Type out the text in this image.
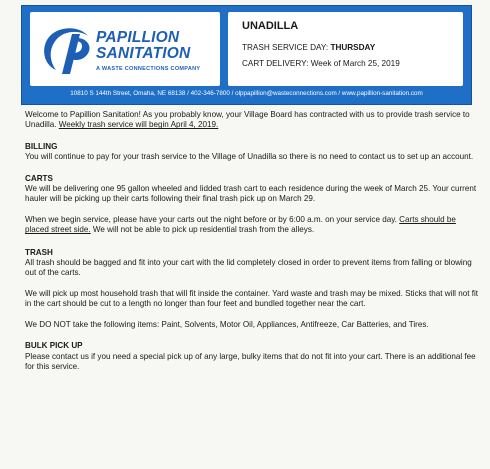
PAPILLION
SANITATION
A WASTE CONNECTIONS COMPANY
UNADILLA
TRASH SERVICE DAY: THURSDAY
CART DELIVERY: Week of March 25, 2019
10810 S 144th Street, Omaha, NE 68138 / 402-346-7800 / olppapillion@wasteconnections.com / www.papillion-sanitation.com

Welcome to Papillion Sanitation! As you probably know, your Village Board has contracted with us to provide trash service to Unadilla. Weekly trash service will begin April 4, 2019.

BILLING

You will continue to pay for your trash service to the Village of Unadilla so there is no need to contact us to set up an account.

CARTS

We will be delivering one 95 gallon wheeled and lidded trash cart to each residence during the week of March 25. Your current hauler will be picking up their carts following their final trash pick up on March 29.

When we begin service, please have your carts out the night before or by 6:00 a.m. on your service day. Carts should be placed street side. We will not be able to pick up residential trash from the alleys.

TRASH

All trash should be bagged and fit into your cart with the lid completely closed in order to prevent items from falling or blowing out of the carts.

We will pick up most household trash that will fit inside the container. Yard waste and trash may be mixed. Sticks that will not fit in the cart should be cut to a length no longer than four feet and bundled together near the cart.

We DO NOT take the following items: Paint, Solvents, Motor Oil, Appliances, Antifreeze, Car Batteries, and Tires.

BULK PICK UP

Please contact us if you need a special pick up of any large, bulky items that do not fit into your cart. There is an additional fee for this service.
